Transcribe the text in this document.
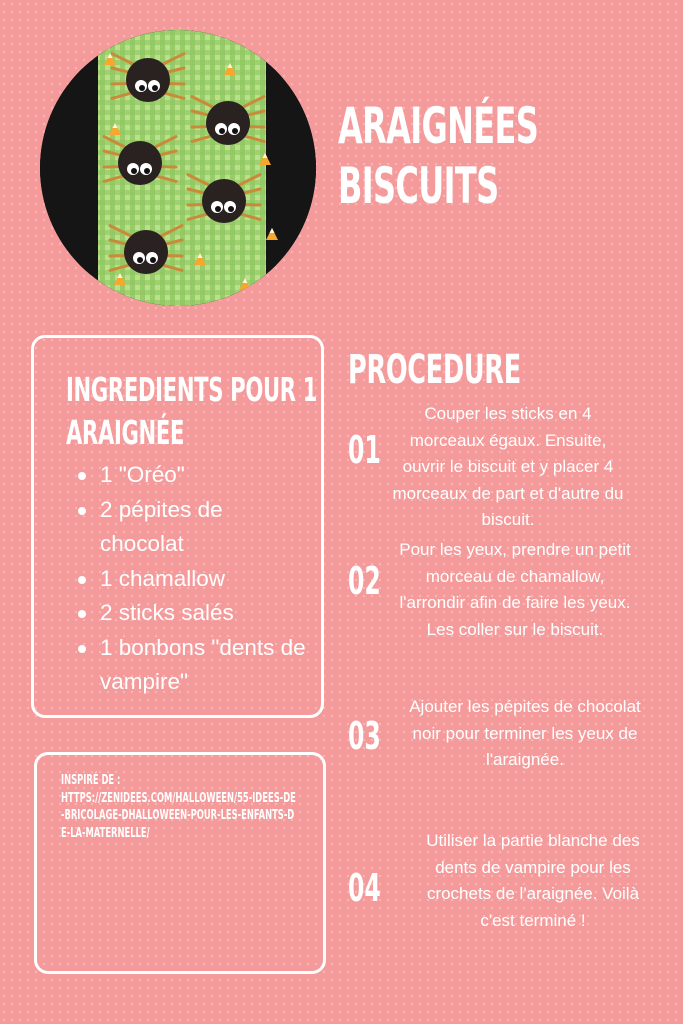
ARAIGNÉES
BISCUITS
INGREDIENTS POUR 1
ARAIGNÉE
1 "Oréo"
2 pépites de chocolat
1 chamallow
2 sticks salés
1 bonbons "dents de vampire"

INSPIRÉ DE :

HTTPS://ZENIDEES.COM/HALLOWEEN/55-IDEES-DE-BRICOLAGE-DHALLOWEEN-POUR-LES-ENFANTS-DE-LA-MATERNELLE/

PROCEDURE
01

Couper les sticks en 4 morceaux égaux. Ensuite, ouvrir le biscuit et y placer 4 morceaux de part et d'autre du biscuit.

02

Pour les yeux, prendre un petit morceau de chamallow, l'arrondir afin de faire les yeux. Les coller sur le biscuit.

03

Ajouter les pépites de chocolat noir pour terminer les yeux de l'araignée.

04

Utiliser la partie blanche des dents de vampire pour les crochets de l'araignée. Voilà c'est terminé !
